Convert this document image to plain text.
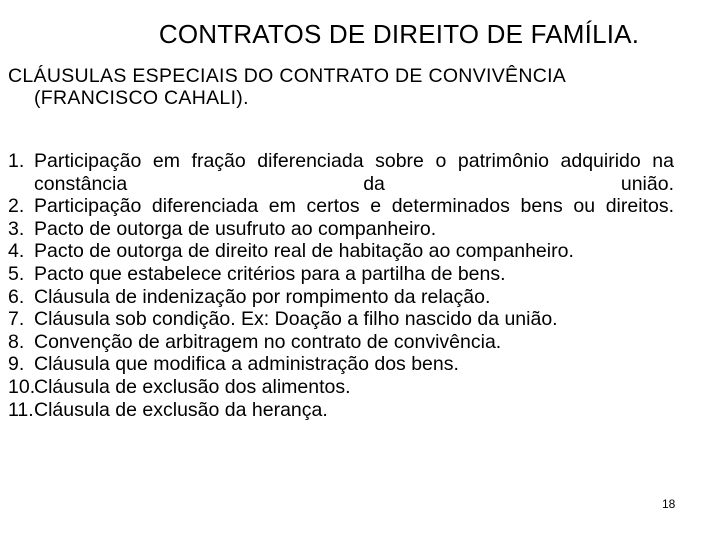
CONTRATOS DE DIREITO DE FAMÍLIA.
CLÁUSULAS ESPECIAIS DO CONTRATO DE CONVIVÊNCIA
(FRANCISCO CAHALI).
1. Participação em fração diferenciada sobre o patrimônio adquirido na constância da união.
2. Participação diferenciada em certos e determinados bens ou direitos.
3. Pacto de outorga de usufruto ao companheiro.
4. Pacto de outorga de direito real de habitação ao companheiro.
5. Pacto que estabelece critérios para a partilha de bens.
6. Cláusula de indenização por rompimento da relação.
7. Cláusula sob condição. Ex: Doação a filho nascido da união.
8. Convenção de arbitragem no contrato de convivência.
9. Cláusula que modifica a administração dos bens.
10.
Cláusula de exclusão dos alimentos.
11. Cláusula de exclusão da herança.
18
